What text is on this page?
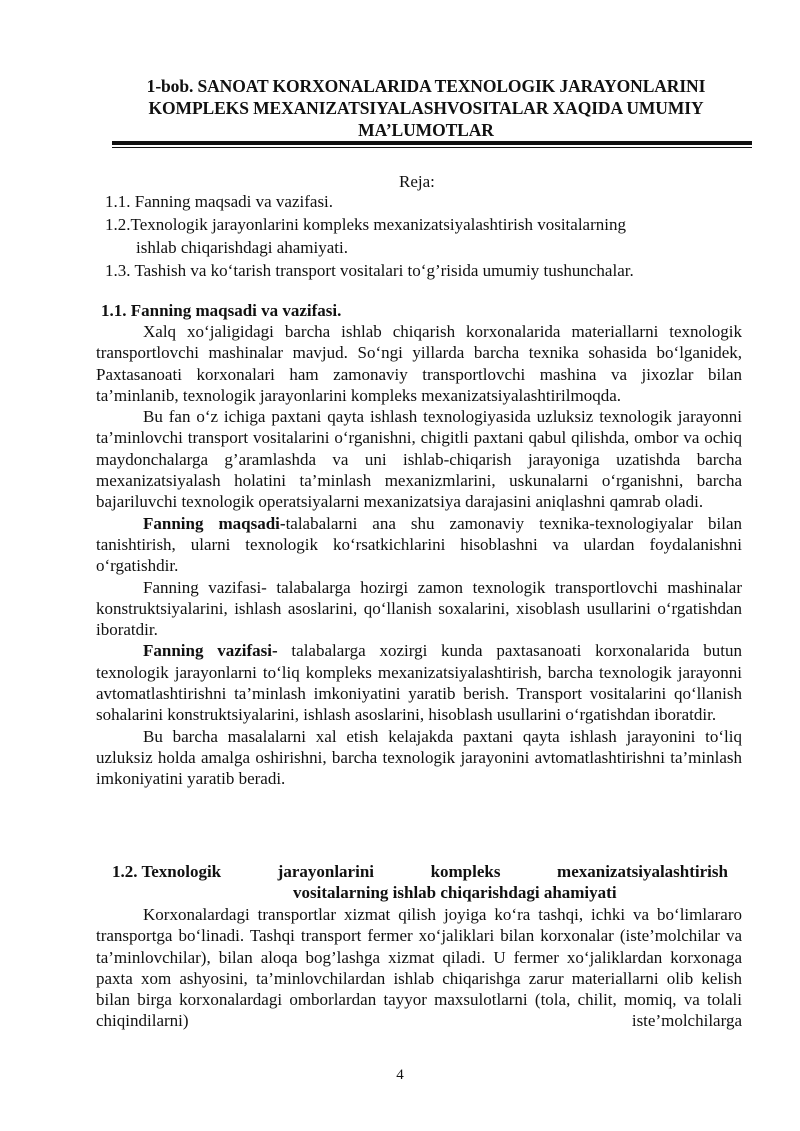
1-bob. SANOAT KORXONALARIDA TEXNOLOGIK JARAYONLARINI
KOMPLEKS MEXANIZATSIYALASHVOSITALAR XAQIDA UMUMIY
MA’LUMOTLAR
Reja:
1.1. Fanning maqsadi va vazifasi.
1.2.Texnologik jarayonlarini kompleks mexanizatsiyalashtirish vositalarning
ishlab chiqarishdagi ahamiyati.
1.3. Tashish va ko‘tarish transport vositalari to‘g’risida umumiy tushunchalar.
1.1. Fanning maqsadi va vazifasi.

Xalq xo‘jaligidagi barcha ishlab chiqarish korxonalarida materiallarni texnologik transportlovchi mashinalar mavjud. So‘ngi yillarda barcha texnika sohasida bo‘lganidek, Paxtasanoati korxonalari ham zamonaviy transportlovchi mashina va jixozlar bilan ta’minlanib, texnologik jarayonlarini kompleks mexanizatsiyalashtirilmoqda.

Bu fan o‘z ichiga paxtani qayta ishlash texnologiyasida uzluksiz texnologik jarayonni ta’minlovchi transport vositalarini o‘rganishni, chigitli paxtani qabul qilishda, ombor va ochiq maydonchalarga g’aramlashda va uni ishlab-chiqarish jarayoniga uzatishda barcha mexanizatsiyalash holatini ta’minlash mexanizmlarini, uskunalarni o‘rganishni, barcha bajariluvchi texnologik operatsiyalarni mexanizatsiya darajasini aniqlashni qamrab oladi.

Fanning maqsadi-talabalarni ana shu zamonaviy texnika-texnologiyalar bilan tanishtirish, ularni texnologik ko‘rsatkichlarini hisoblashni va ulardan foydalanishni o‘rgatishdir.

Fanning vazifasi- talabalarga hozirgi zamon texnologik transportlovchi mashinalar konstruktsiyalarini, ishlash asoslarini, qo‘llanish soxalarini, xisoblash usullarini o‘rgatishdan iboratdir.

Fanning vazifasi- talabalarga xozirgi kunda paxtasanoati korxonalarida butun texnologik jarayonlarni to‘liq kompleks mexanizatsiyalashtirish, barcha texnologik jarayonni avtomatlashtirishni ta’minlash imkoniyatini yaratib berish. Transport vositalarini qo‘llanish sohalarini konstruktsiyalarini, ishlash asoslarini, hisoblash usullarini o‘rgatishdan iboratdir.

Bu barcha masalalarni xal etish kelajakda paxtani qayta ishlash jarayonini to‘liq uzluksiz holda amalga oshirishni, barcha texnologik jarayonini avtomatlashtirishni ta’minlash imkoniyatini yaratib beradi.

1.2. Texnologik	jarayonlarini	kompleks	mexanizatsiyalashtirish
vositalarning ishlab chiqarishdagi ahamiyati

Korxonalardagi transportlar xizmat qilish joyiga ko‘ra tashqi, ichki va bo‘limlararo transportga bo‘linadi. Tashqi transport fermer xo‘jaliklari bilan korxonalar (iste’molchilar va ta’minlovchilar), bilan aloqa bog’lashga xizmat qiladi. U fermer xo‘jaliklardan korxonaga paxta xom ashyosini, ta’minlovchilardan ishlab chiqarishga zarur materiallarni olib kelish bilan birga korxonalardagi omborlardan tayyor maxsulotlarni (tola, chilit, momiq, va tolali chiqindilarni) iste’molchilarga

4
